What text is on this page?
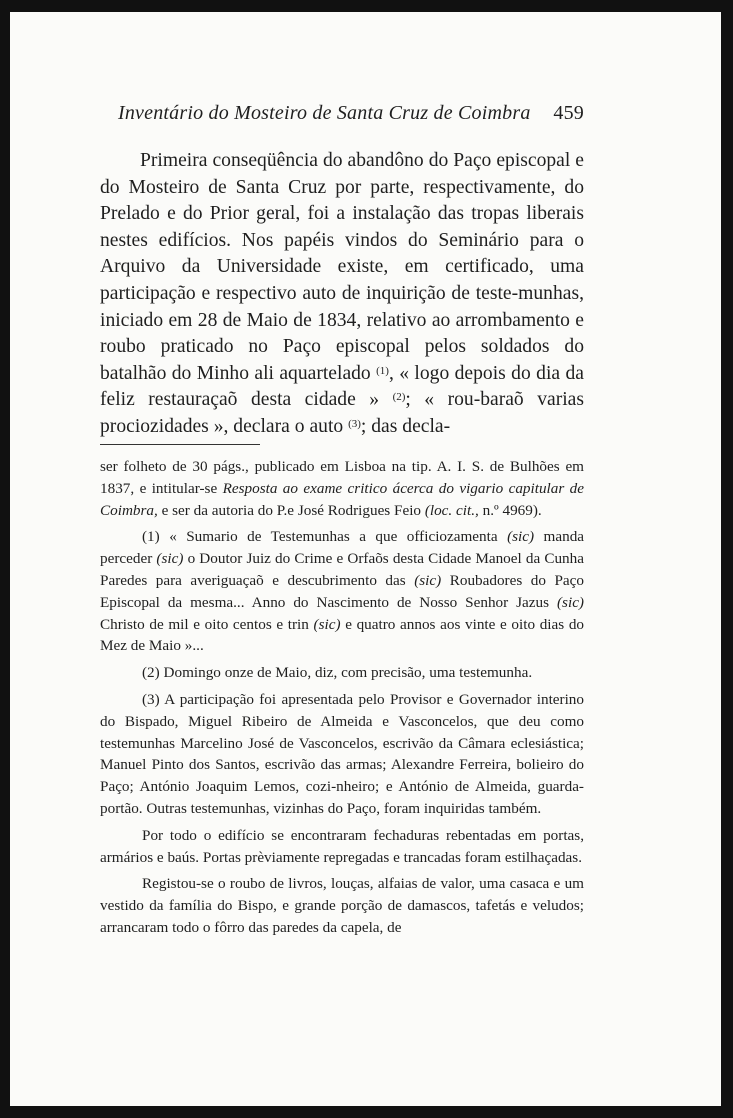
Inventário do Mosteiro de Santa Cruz de Coimbra 459

Primeira conseqüência do abandôno do Paço episcopal e do Mosteiro de Santa Cruz por parte, respectivamente, do Prelado e do Prior geral, foi a instalação das tropas liberais nestes edifícios. Nos papéis vindos do Seminário para o Arquivo da Universidade existe, em certificado, uma participação e respectivo auto de inquirição de teste-munhas, iniciado em 28 de Maio de 1834, relativo ao arrombamento e roubo praticado no Paço episcopal pelos soldados do batalhão do Minho ali aquartelado $^{(1)}$, « logo depois do dia da feliz restauraçaõ desta cidade » $^{(2)}$; « rou-baraõ varias prociozidades », declara o auto $^{(3)}$; das decla-

ser folheto de 30 págs., publicado em Lisboa na tip. A. I. S. de Bulhões em 1837, e intitular-se Resposta ao exame critico ácerca do vigario capitular de Coimbra, e ser da autoria do P.e José Rodrigues Feio (loc. cit., n.º 4969).

(1) « Sumario de Testemunhas a que officiozamenta (sic) manda perceder (sic) o Doutor Juiz do Crime e Orfaõs desta Cidade Manoel da Cunha Paredes para averiguaçaõ e descubrimento das (sic) Roubadores do Paço Episcopal da mesma... Anno do Nascimento de Nosso Senhor Jazus (sic) Christo de mil e oito centos e trin (sic) e quatro annos aos vinte e oito dias do Mez de Maio »...

(2) Domingo onze de Maio, diz, com precisão, uma testemunha.

(3) A participação foi apresentada pelo Provisor e Governador interino do Bispado, Miguel Ribeiro de Almeida e Vasconcelos, que deu como testemunhas Marcelino José de Vasconcelos, escrivão da Câmara eclesiástica; Manuel Pinto dos Santos, escrivão das armas; Alexandre Ferreira, bolieiro do Paço; António Joaquim Lemos, cozi-nheiro; e António de Almeida, guarda-portão. Outras testemunhas, vizinhas do Paço, foram inquiridas também.

Por todo o edifício se encontraram fechaduras rebentadas em portas, armários e baús. Portas prèviamente repregadas e trancadas foram estilhaçadas.

Registou-se o roubo de livros, louças, alfaias de valor, uma casaca e um vestido da família do Bispo, e grande porção de damascos, tafetás e veludos; arrancaram todo o fôrro das paredes da capela, de
